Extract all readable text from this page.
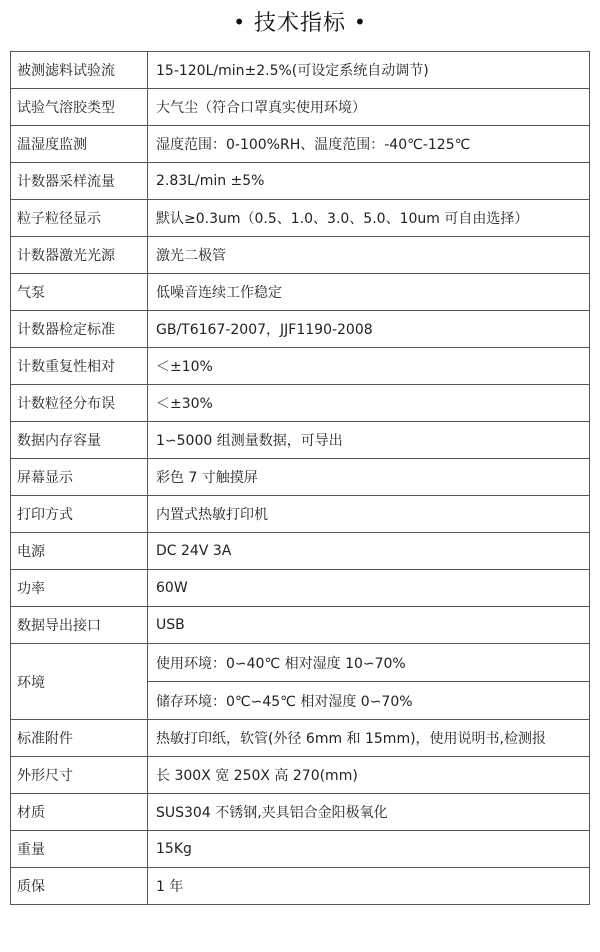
• 技术指标 •
被测滤料试验流	15-120L/min±2.5%(可设定系统自动调节)
试验气溶胶类型	大气尘（符合口罩真实使用环境）
温湿度监测	湿度范围：0-100%RH、温度范围：-40℃-125℃
计数器采样流量	2.83L/min ±5%
粒子粒径显示	默认≥0.3um（0.5、1.0、3.0、5.0、10um 可自由选择）
计数器激光光源	激光二极管
气泵	低噪音连续工作稳定
计数器检定标准	GB/T6167-2007，JJF1190-2008
计数重复性相对	＜±10%
计数粒径分布误	＜±30%
数据内存容量	1∽5000 组测量数据，可导出
屏幕显示	彩色 7 寸触摸屏
打印方式	内置式热敏打印机
电源	DC 24V 3A
功率	60W
数据导出接口	USB
环境	使用环境：0∽40℃ 相对湿度 10∽70%
	储存环境：0℃∽45℃ 相对湿度 0∽70%
标准附件	热敏打印纸，软管(外径 6mm 和 15mm)，使用说明书,检测报
外形尺寸	长 300X 宽 250X 高 270(mm)
材质	SUS304 不锈钢,夹具铝合金阳极氧化
重量	15Kg
质保	1 年
